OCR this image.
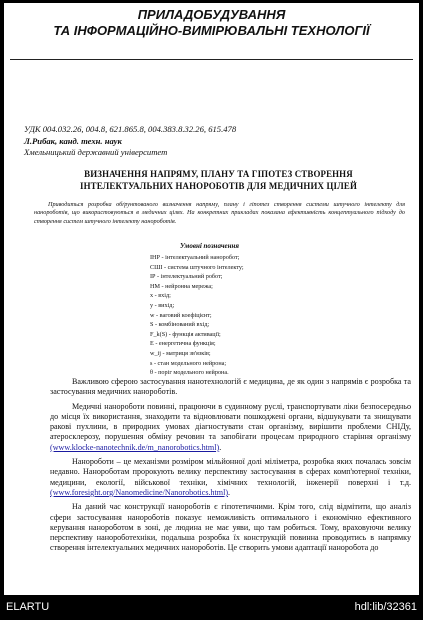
ПРИЛАДОБУДУВАННЯ
ТА ІНФОРМАЦІЙНО-ВИМІРЮВАЛЬНІ ТЕХНОЛОГІЇ
УДК 004.032.26, 004.8, 621.865.8, 004.383.8.32.26, 615.478
Л.Рибак, канд. техн. наук
Хмельницький державний університет
ВИЗНАЧЕННЯ НАПРЯМУ, ПЛАНУ ТА ГІПОТЕЗ СТВОРЕННЯ
ІНТЕЛЕКТУАЛЬНИХ НАНОРОБОТІВ ДЛЯ МЕДИЧНИХ ЦІЛЕЙ
Приводиться розробка обґрунтованого визначення напряму, плану і гіпотез створення системи штучного інтелекту для нанороботів, що використовуються в медичних цілях. На конкретних прикладах показана ефективність концептуального підходу до створення систем штучного інтелекту нанороботів.
Умовні позначення
ІНР - інтелектуальний наноробот;
СШІ - система штучного інтелекту;
ІР - інтелектуальний робот;
НМ - нейронна мережа;
x - вхід;
y - вихід;
w - ваговий коефіцієнт;
S - комбінований вхід;
F_k(S) - функція активації;
E - енергетична функція;
w_ij - матриця зв'язків;
s - стан модельного нейрона;
θ - поріг модельного нейрона.

Важливою сферою застосування нанотехнологій є медицина, де як один з напрямів є розробка та застосування медичних нанороботів.

Медичні нанороботи повинні, працюючи в судинному руслі, транспортувати ліки безпосередньо до місця їх використання, знаходити та відновлювати пошкоджені органи, відшукувати та знищувати ракові пухлини, в природних умовах діагностувати стан організму, вирішити проблеми СНІДу, атеросклерозу, порушення обміну речовин та запобігати процесам природного старіння організму (www.klocke-nanotechnik.de/m_nanorobotics.html).

Нанороботи – це механізми розміром мільйонної долі міліметра, розробка яких почалась зовсім недавно. Нанороботам пророкують велику перспективу застосування в сферах комп'ютерної техніки, медицини, екології, військової техніки, хімічних технологій, інженерії поверхні і т.д. (www.foresight.org/Nanomedicine/Nanorobotics.html).

На даний час конструкції нанороботів є гіпотетичними. Крім того, слід відмітити, що аналіз сфери застосування нанороботів показує неможливість оптимального і економічно ефективного керування нанороботом в зоні, де людина не має уяви, що там робиться. Тому, враховуючи велику перспективу нанороботехніки, подальша розробка їх конструкцій повинна проводитись в напрямку створення інтелектуальних медичних нанороботів. Це створить умови адаптації наноробота до

ELARTU	hdl:lib/32361
